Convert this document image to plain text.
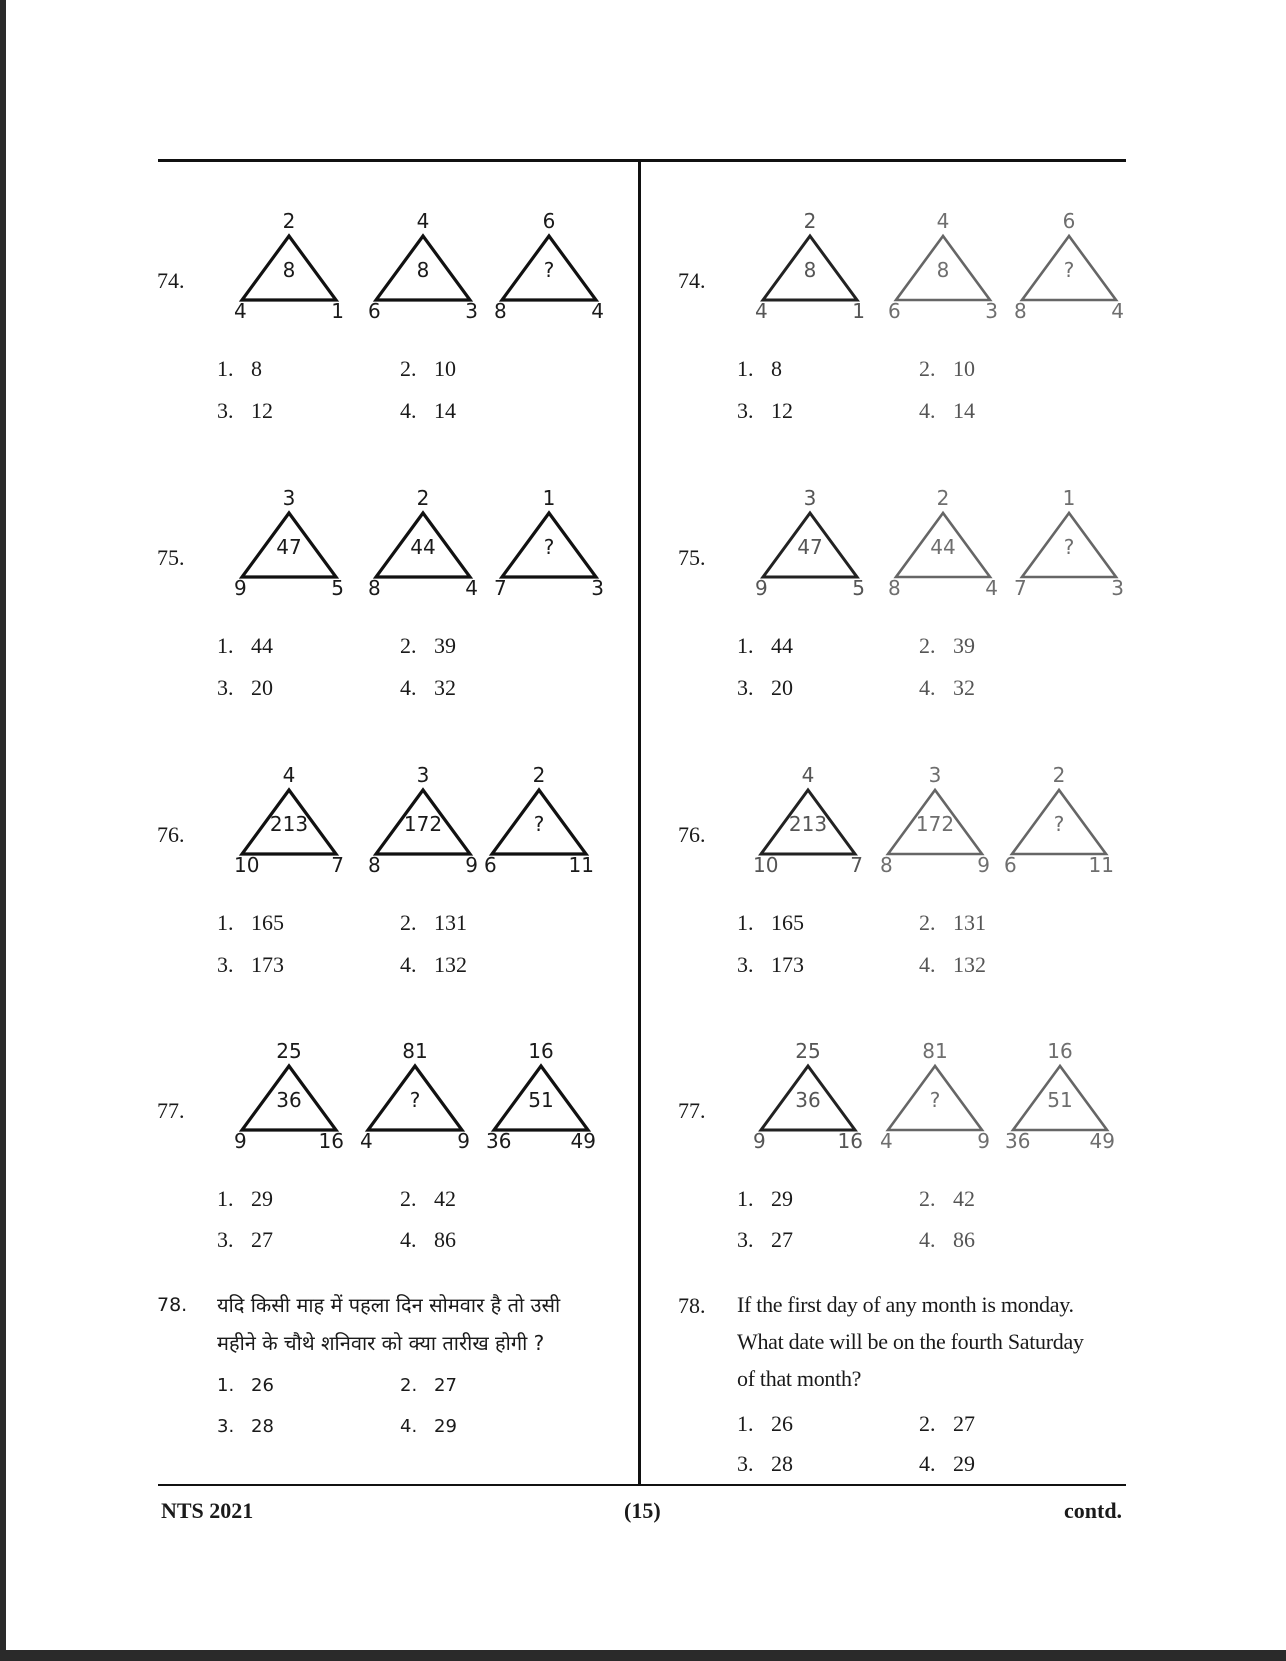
74.
2
8
4	1
4
8
6	3
6
?
8	4
1. 8	2. 10
3. 12	4. 14
75.
3
47
9	5
2
44
8	4
1
?
7	3
1. 44	2. 39
3. 20	4. 32
76.
4
213
10	7
3
172
8	9
2
?
6	11
1. 165	2. 131
3. 173	4. 132
77.
25
36
9	16
81
?
4	9
16
51
36	49
1. 29	2. 42
3. 27	4. 86
78. यदि किसी माह में पहला दिन सोमवार है तो उसी
महीने के चौथे शनिवार को क्या तारीख होगी ?
1. 26	2. 27
3. 28	4. 29
74.
2
8
4	1
4
8
6	3
6
?
8	4
1. 8	2. 10
3. 12	4. 14
75.
3
47
9	5
2
44
8	4
1
?
7	3
1. 44	2. 39
3. 20	4. 32
76.
4
213
10	7
3
172
8	9
2
?
6	11
1. 165	2. 131
3. 173	4. 132
77.
25
36
9	16
81
?
4	9
16
51
36	49
1. 29	2. 42
3. 27	4. 86
78. If the first day of any month is monday.
What date will be on the fourth Saturday
of that month?
1. 26	2. 27
3. 28	4. 29
NTS 2021	(15)	contd.
